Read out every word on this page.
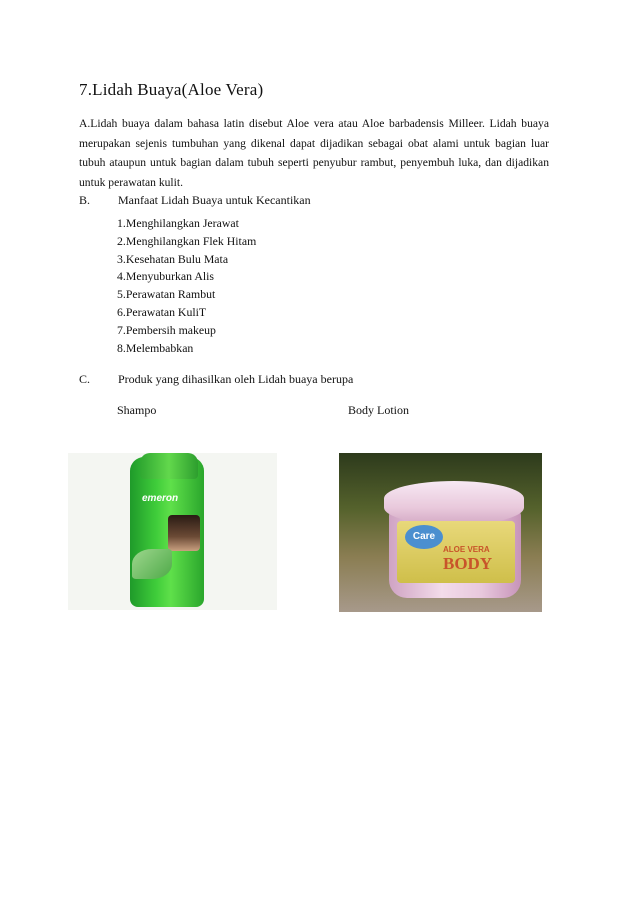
7.Lidah Buaya(Aloe Vera)

A.Lidah buaya dalam bahasa latin disebut Aloe vera atau Aloe barbadensis Milleer. Lidah buaya merupakan sejenis tumbuhan yang dikenal dapat dijadikan sebagai obat alami untuk bagian luar tubuh ataupun untuk bagian dalam tubuh seperti penyubur rambut, penyembuh luka, dan dijadikan untuk perawatan kulit.

B. Manfaat Lidah Buaya untuk Kecantikan
1.Menghilangkan Jerawat
2.Menghilangkan Flek Hitam
3.Kesehatan Bulu Mata
4.Menyuburkan Alis
5.Perawatan Rambut
6.Perawatan KuliT
7.Pembersih makeup
8.Melembabkan
C. Produk yang dihasilkan oleh Lidah buaya berupa
Shampo	Body Lotion
emeron
Care
ALOE VERA
BODY
